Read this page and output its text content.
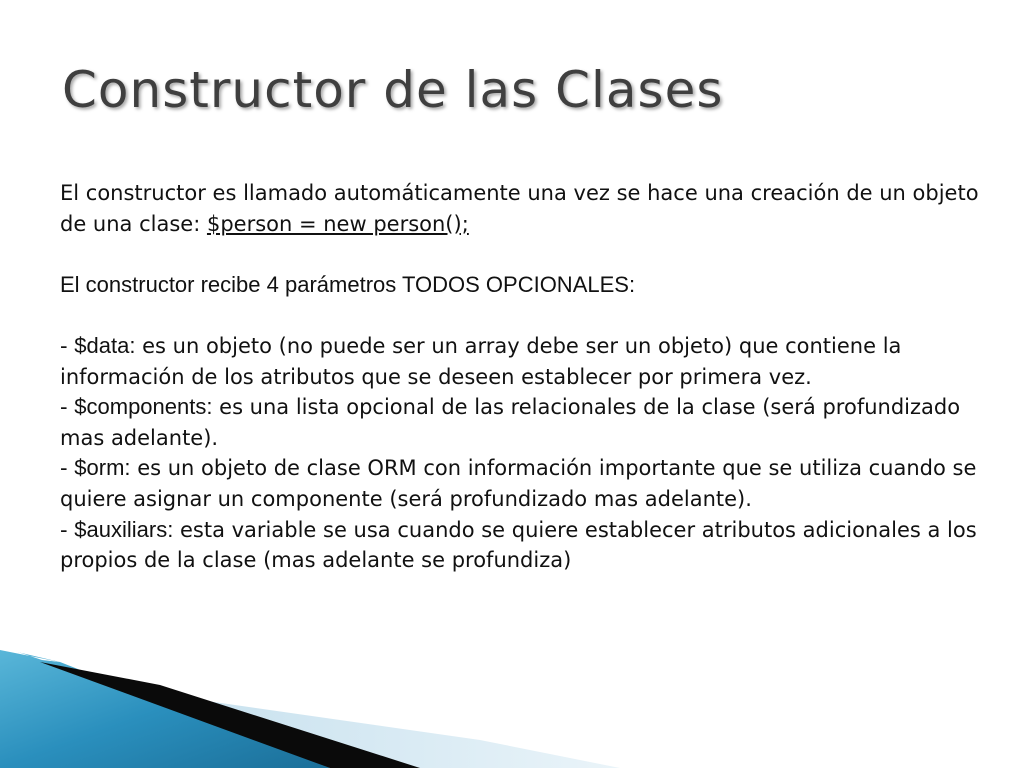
Constructor de las Clases

El constructor es llamado automáticamente una vez se hace una creación de un objeto de una clase: $person = new person();

El constructor recibe 4 parámetros TODOS OPCIONALES:

- $data: es un objeto (no puede ser un array debe ser un objeto) que contiene la información de los atributos que se deseen establecer por primera vez.

- $components: es una lista opcional de las relacionales de la clase (será profundizado mas adelante).

- $orm: es un objeto de clase ORM con información importante que se utiliza cuando se quiere asignar un componente (será profundizado mas adelante).

- $auxiliars: esta variable se usa cuando se quiere establecer atributos adicionales a los propios de la clase (mas adelante se profundiza)
